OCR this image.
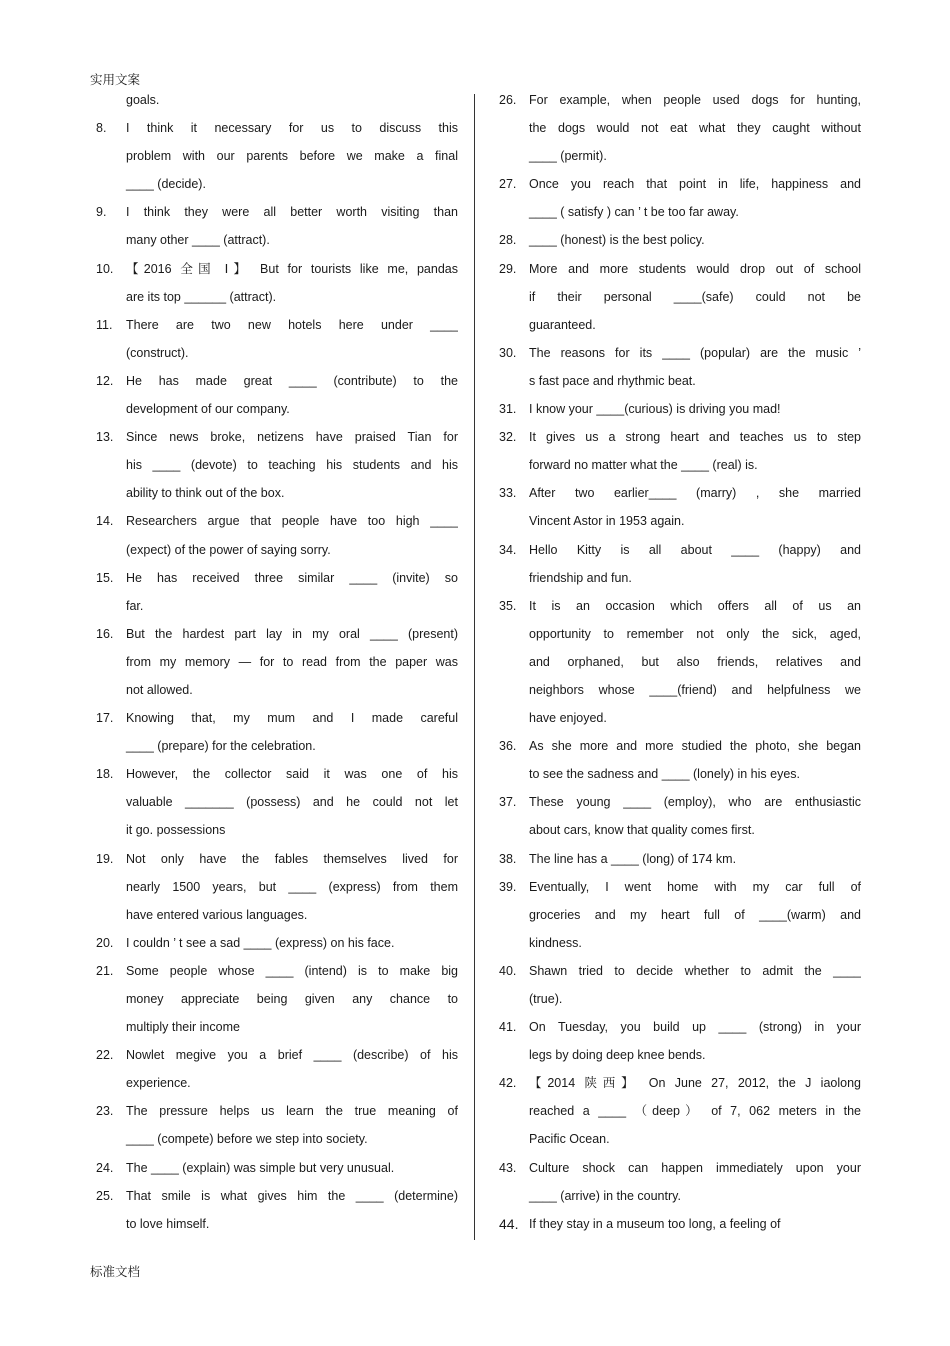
实用文案
goals.
8. I think it necessary for us to discuss this
problem with our parents before we make a final
____ (decide).
9. I think they were all better worth visiting than
many other ____ (attract).
10. 【2016 全国 Ⅰ】 But for tourists like me, pandas
are its top ______ (attract).
11. There are two new hotels here under ____
(construct).
12. He has made great ____ (contribute) to the
development of our company.
13. Since news broke, netizens have praised Tian for
his ____ (devote) to teaching his students and his
ability to think out of the box.
14. Researchers argue that people have too high ____
(expect) of the power of saying sorry.
15. He has received three similar ____ (invite) so
far.
16. But the hardest part lay in my oral ____ (present)
from my memory — for to read from the paper was
not allowed.
17. Knowing that, my mum and I made careful
____ (prepare) for the celebration.
18. However, the collector said it was one of his
valuable _______ (possess) and he could not let
it go. possessions
19. Not only have the fables themselves lived for
nearly 1500 years, but ____ (express) from them
have entered various languages.
20. I couldn ’ t see a sad ____ (express) on his face.
21. Some people whose ____ (intend) is to make big
money appreciate being given any chance to
multiply their income
22. Nowlet megive you a brief ____ (describe) of his
experience.
23. The pressure helps us learn the true meaning of
____ (compete) before we step into society.
24. The ____ (explain) was simple but very unusual.
25. That smile is what gives him the ____ (determine)
to love himself.
26. For example, when people used dogs for hunting,
the dogs would not eat what they caught without
____ (permit).
27. Once you reach that point in life, happiness and
____ ( satisfy ) can ’ t be too far away.
28. ____ (honest) is the best policy.
29. More and more students would drop out of school
if their personal ____(safe) could not be
guaranteed.
30. The reasons for its ____ (popular) are the music ’
s fast pace and rhythmic beat.
31. I know your ____(curious) is driving you mad!
32. It gives us a strong heart and teaches us to step
forward no matter what the ____ (real) is.
33. After two earlier____ (marry) , she married
Vincent Astor in 1953 again.
34. Hello Kitty is all about ____ (happy) and
friendship and fun.
35. It is an occasion which offers all of us an
opportunity to remember not only the sick, aged,
and orphaned, but also friends, relatives and
neighbors whose ____(friend) and helpfulness we
have enjoyed.
36. As she more and more studied the photo, she began
to see the sadness and ____ (lonely) in his eyes.
37. These young ____ (employ), who are enthusiastic
about cars, know that quality comes first.
38. The line has a ____ (long) of 174 km.
39. Eventually, I went home with my car full of
groceries and my heart full of ____(warm) and
kindness.
40. Shawn tried to decide whether to admit the ____
(true).
41. On Tuesday, you build up ____ (strong) in your
legs by doing deep knee bends.
42. 【2014 陕西】 On June 27, 2012, the J iaolong
reached a ____ （deep） of 7, 062 meters in the
Pacific Ocean.
43. Culture shock can happen immediately upon your
____ (arrive) in the country.
44. If they stay in a museum too long, a feeling of
标准文档
